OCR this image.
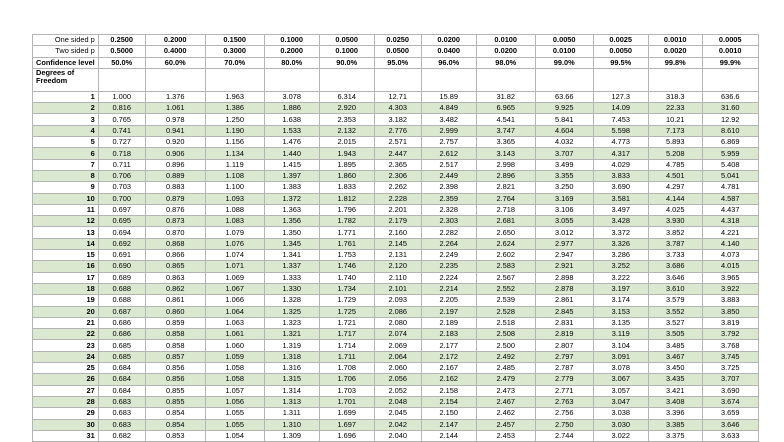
One sided p	0.2500	0.2000	0.1500	0.1000	0.0500	0.0250	0.0200	0.0100	0.0050	0.0025	0.0010	0.0005
Two sided p	0.5000	0.4000	0.3000	0.2000	0.1000	0.0500	0.0400	0.0200	0.0100	0.0050	0.0020	0.0010
Confidence level	50.0%	60.0%	70.0%	80.0%	90.0%	95.0%	96.0%	98.0%	99.0%	99.5%	99.8%	99.9%
Degrees of Freedom												
1	1.000	1.376	1.963	3.078	6.314	12.71	15.89	31.82	63.66	127.3	318.3	636.6
2	0.816	1.061	1.386	1.886	2.920	4.303	4.849	6.965	9.925	14.09	22.33	31.60
3	0.765	0.978	1.250	1.638	2.353	3.182	3.482	4.541	5.841	7.453	10.21	12.92
4	0.741	0.941	1.190	1.533	2.132	2.776	2.999	3.747	4.604	5.598	7.173	8.610
5	0.727	0.920	1.156	1.476	2.015	2.571	2.757	3.365	4.032	4.773	5.893	6.869
6	0.718	0.906	1.134	1.440	1.943	2.447	2.612	3.143	3.707	4.317	5.208	5.959
7	0.711	0.896	1.119	1.415	1.895	2.365	2.517	2.998	3.499	4.029	4.785	5.408
8	0.706	0.889	1.108	1.397	1.860	2.306	2.449	2.896	3.355	3.833	4.501	5.041
9	0.703	0.883	1.100	1.383	1.833	2.262	2.398	2.821	3.250	3.690	4.297	4.781
10	0.700	0.879	1.093	1.372	1.812	2.228	2.359	2.764	3.169	3.581	4.144	4.587
11	0.697	0.876	1.088	1.363	1.796	2.201	2.328	2.718	3.106	3.497	4.025	4.437
12	0.695	0.873	1.083	1.356	1.782	2.179	2.303	2.681	3.055	3.428	3.930	4.318
13	0.694	0.870	1.079	1.350	1.771	2.160	2.282	2.650	3.012	3.372	3.852	4.221
14	0.692	0.868	1.076	1.345	1.761	2.145	2.264	2.624	2.977	3.326	3.787	4.140
15	0.691	0.866	1.074	1.341	1.753	2.131	2.249	2.602	2.947	3.286	3.733	4.073
16	0.690	0.865	1.071	1.337	1.746	2.120	2.235	2.583	2.921	3.252	3.686	4.015
17	0.689	0.863	1.069	1.333	1.740	2.110	2.224	2.567	2.898	3.222	3.646	3.965
18	0.688	0.862	1.067	1.330	1.734	2.101	2.214	2.552	2.878	3.197	3.610	3.922
19	0.688	0.861	1.066	1.328	1.729	2.093	2.205	2.539	2.861	3.174	3.579	3.883
20	0.687	0.860	1.064	1.325	1.725	2.086	2.197	2.528	2.845	3.153	3.552	3.850
21	0.686	0.859	1.063	1.323	1.721	2.080	2.189	2.518	2.831	3.135	3.527	3.819
22	0.686	0.858	1.061	1.321	1.717	2.074	2.183	2.508	2.819	3.119	3.505	3.792
23	0.685	0.858	1.060	1.319	1.714	2.069	2.177	2.500	2.807	3.104	3.485	3.768
24	0.685	0.857	1.059	1.318	1.711	2.064	2.172	2.492	2.797	3.091	3.467	3.745
25	0.684	0.856	1.058	1.316	1.708	2.060	2.167	2.485	2.787	3.078	3.450	3.725
26	0.684	0.856	1.058	1.315	1.706	2.056	2.162	2.479	2.779	3.067	3.435	3.707
27	0.684	0.855	1.057	1.314	1.703	2.052	2.158	2.473	2.771	3.057	3.421	3.690
28	0.683	0.855	1.056	1.313	1.701	2.048	2.154	2.467	2.763	3.047	3.408	3.674
29	0.683	0.854	1.055	1.311	1.699	2.045	2.150	2.462	2.756	3.038	3.396	3.659
30	0.683	0.854	1.055	1.310	1.697	2.042	2.147	2.457	2.750	3.030	3.385	3.646
31	0.682	0.853	1.054	1.309	1.696	2.040	2.144	2.453	2.744	3.022	3.375	3.633
